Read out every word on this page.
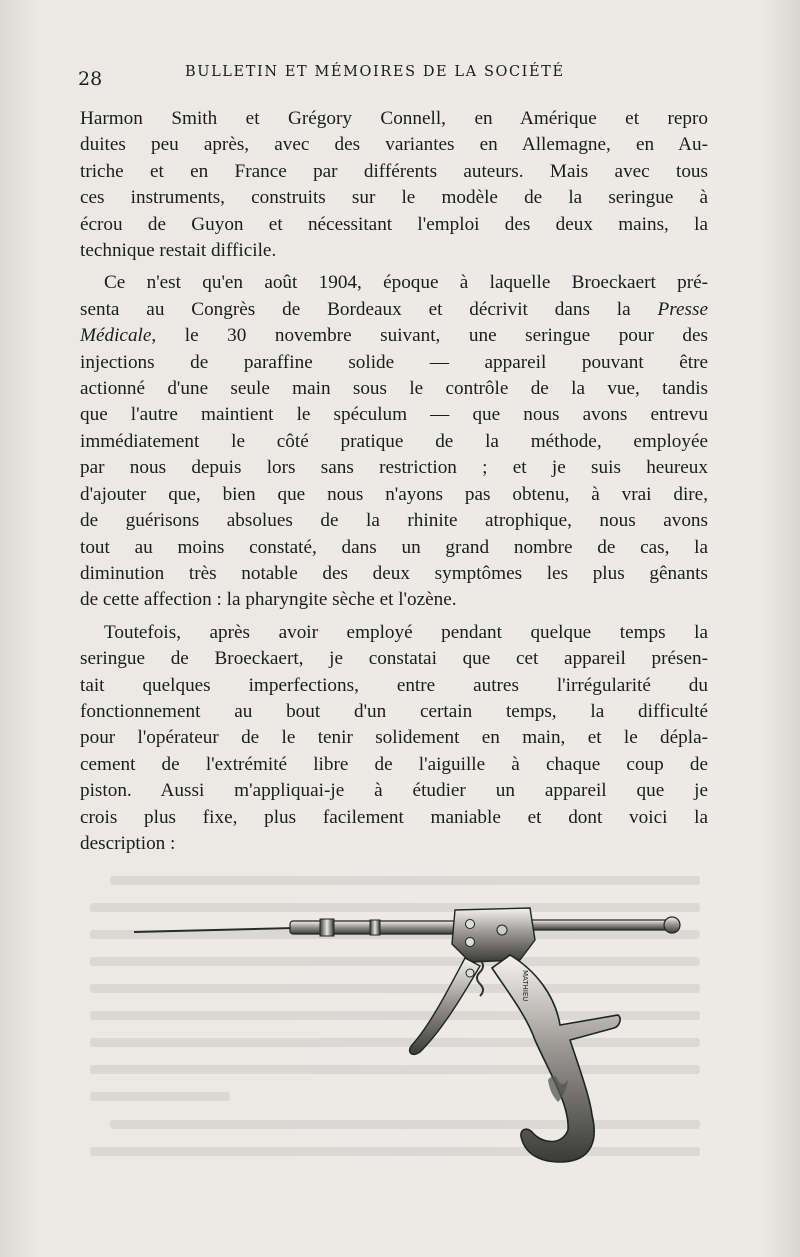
28	BULLETIN ET MÉMOIRES DE LA SOCIÉTÉ

Harmon Smith et Grégory Connell, en Amérique et repro
duites peu après, avec des variantes en Allemagne, en Au-
triche et en France par différents auteurs. Mais avec tous
ces instruments, construits sur le modèle de la seringue à
écrou de Guyon et nécessitant l'emploi des deux mains, la
technique restait difficile.

Ce n'est qu'en août 1904, époque à laquelle Broeckaert pré-
senta au Congrès de Bordeaux et décrivit dans la Presse
Médicale, le 30 novembre suivant, une seringue pour des
injections de paraffine solide — appareil pouvant être
actionné d'une seule main sous le contrôle de la vue, tandis
que l'autre maintient le spéculum — que nous avons entrevu
immédiatement le côté pratique de la méthode, employée
par nous depuis lors sans restriction ; et je suis heureux
d'ajouter que, bien que nous n'ayons pas obtenu, à vrai dire,
de guérisons absolues de la rhinite atrophique, nous avons
tout au moins constaté, dans un grand nombre de cas, la
diminution très notable des deux symptômes les plus gênants
de cette affection : la pharyngite sèche et l'ozène.

Toutefois, après avoir employé pendant quelque temps la
seringue de Broeckaert, je constatai que cet appareil présen-
tait quelques imperfections, entre autres l'irrégularité du
fonctionnement au bout d'un certain temps, la difficulté
pour l'opérateur de le tenir solidement en main, et le dépla-
cement de l'extrémité libre de l'aiguille à chaque coup de
piston. Aussi m'appliquai-je à étudier un appareil que je
crois plus fixe, plus facilement maniable et dont voici la
description :

MATHIEU
